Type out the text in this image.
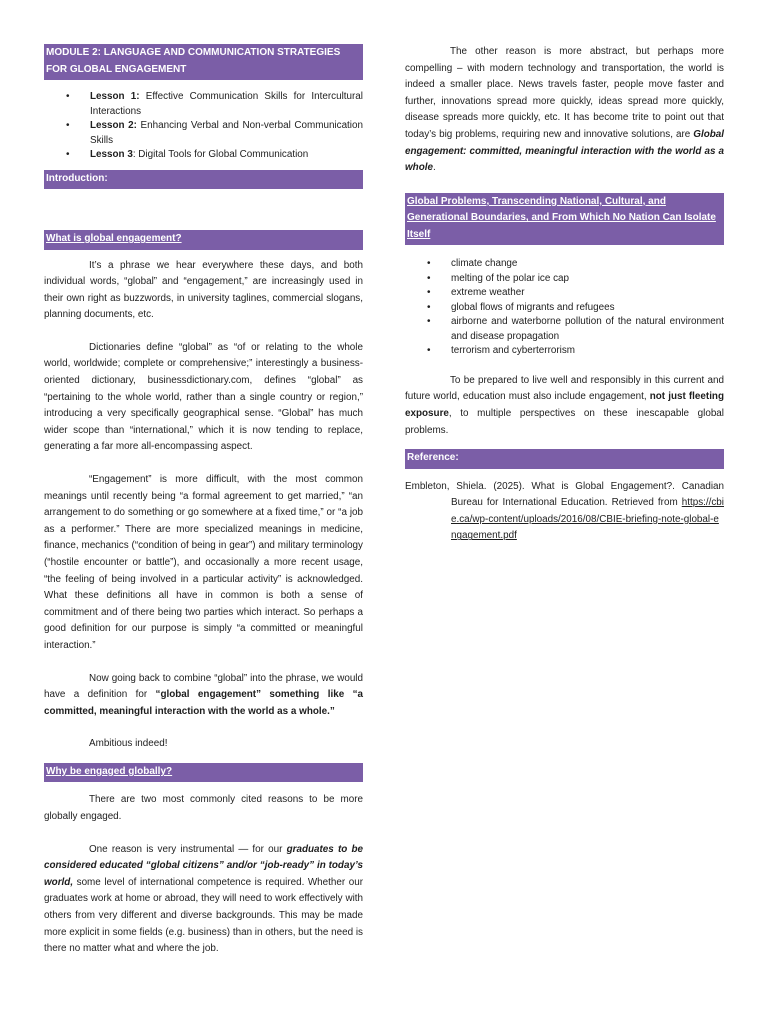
MODULE 2: LANGUAGE AND COMMUNICATION STRATEGIES FOR GLOBAL ENGAGEMENT
• Lesson 1: Effective Communication Skills for Intercultural Interactions
• Lesson 2: Enhancing Verbal and Non-verbal Communication Skills
• Lesson 3: Digital Tools for Global Communication
Introduction:
What is global engagement?

It’s a phrase we hear everywhere these days, and both individual words, “global” and “engagement,” are increasingly used in their own right as buzzwords, in university taglines, commercial slogans, planning documents, etc.

Dictionaries define “global” as “of or relating to the whole world, worldwide; complete or comprehensive;” interestingly a business-oriented dictionary, businessdictionary.com, defines “global” as “pertaining to the whole world, rather than a single country or region,” introducing a very specifically geographical sense. “Global” has much wider scope than “international,” which it is now tending to replace, generating a far more all-encompassing aspect.

“Engagement” is more difficult, with the most common meanings until recently being “a formal agreement to get married,” “an arrangement to do something or go somewhere at a fixed time,” or “a job as a performer.” There are more specialized meanings in medicine, finance, mechanics (“condition of being in gear”) and military terminology (“hostile encounter or battle”), and occasionally a more recent usage, “the feeling of being involved in a particular activity” is acknowledged. What these definitions all have in common is both a sense of commitment and of there being two parties which interact. So perhaps a good definition for our purpose is simply “a committed or meaningful interaction.”

Now going back to combine “global” into the phrase, we would have a definition for “global engagement” something like “a committed, meaningful interaction with the world as a whole.”

Ambitious indeed!

Why be engaged globally?

There are two most commonly cited reasons to be more globally engaged.

One reason is very instrumental — for our graduates to be considered educated “global citizens” and/or “job-ready” in today’s world, some level of international competence is required. Whether our graduates work at home or abroad, they will need to work effectively with others from very different and diverse backgrounds. This may be made more explicit in some fields (e.g. business) than in others, but the need is there no matter what and where the job.

The other reason is more abstract, but perhaps more compelling – with modern technology and transportation, the world is indeed a smaller place. News travels faster, people move faster and further, innovations spread more quickly, ideas spread more quickly, disease spreads more quickly, etc. It has become trite to point out that today’s big problems, requiring new and innovative solutions, are Global engagement: committed, meaningful interaction with the world as a whole.

Global Problems, Transcending National, Cultural, and Generational Boundaries, and From Which No Nation Can Isolate Itself
• climate change
• melting of the polar ice cap
• extreme weather
• global flows of migrants and refugees
• airborne and waterborne pollution of the natural environment and disease propagation
• terrorism and cyberterrorism

To be prepared to live well and responsibly in this current and future world, education must also include engagement, not just fleeting exposure, to multiple perspectives on these inescapable global problems.

Reference:
Embleton, Shiela. (2025). What is Global Engagement?. Canadian Bureau for International Education. Retrieved from https://cbie.ca/wp-content/uploads/2016/08/CBIE-briefing-note-global-engagement.pdf
